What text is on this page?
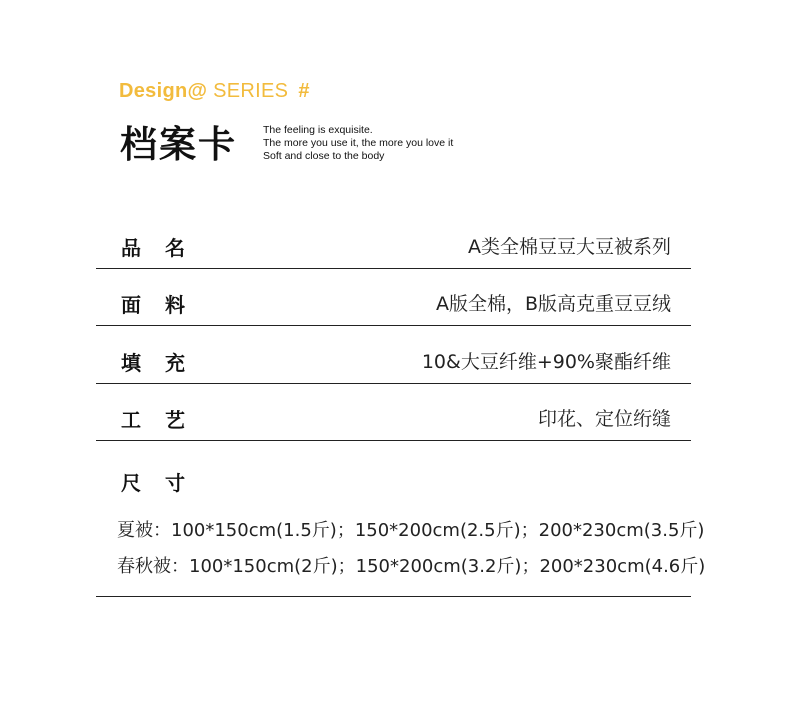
Design@ SERIES #
档案卡 The feeling is exquisite.
The more you use it, the more you love it
Soft and close to the body
品名	A类全棉豆豆大豆被系列
面料	A版全棉，B版高克重豆豆绒
填充	10&大豆纤维+90%聚酯纤维
工艺	印花、定位绗缝
尺寸
夏被：100*150cm(1.5斤)；150*200cm(2.5斤)；200*230cm(3.5斤)
春秋被：100*150cm(2斤)；150*200cm(3.2斤)；200*230cm(4.6斤)
